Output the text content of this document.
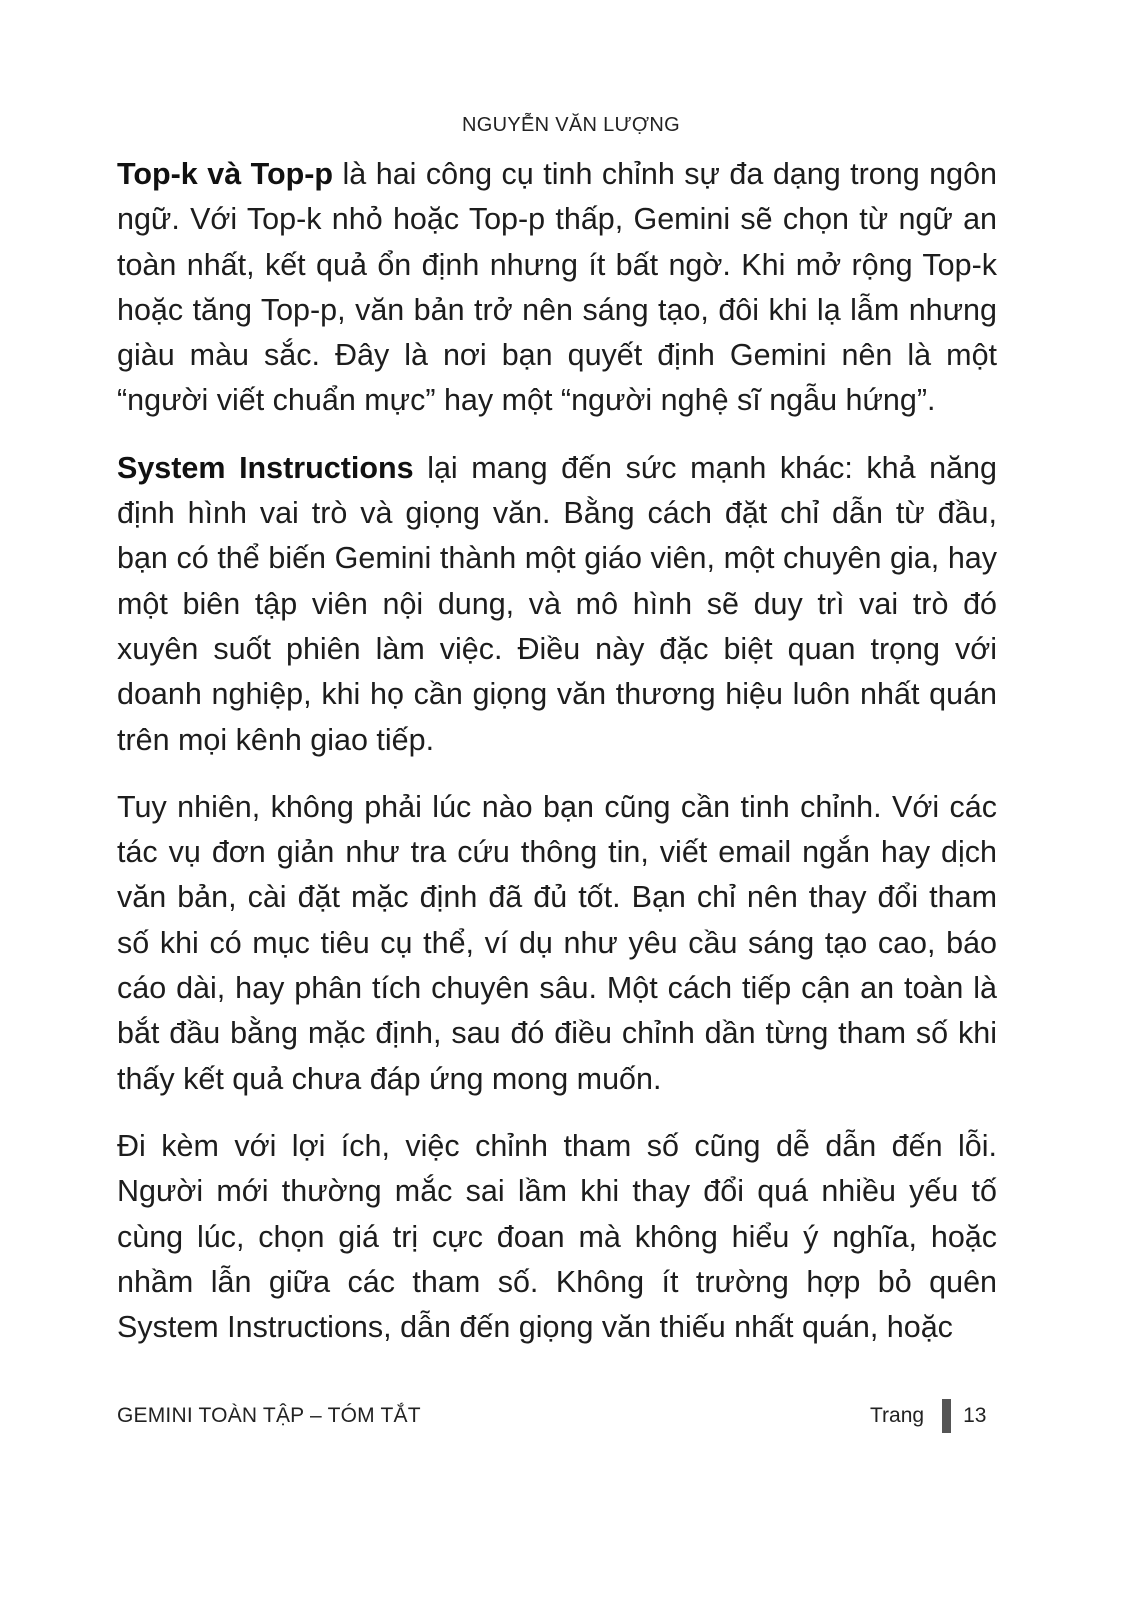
NGUYỄN VĂN LƯỢNG

Top-k và Top-p là hai công cụ tinh chỉnh sự đa dạng trong ngôn ngữ. Với Top-k nhỏ hoặc Top-p thấp, Gemini sẽ chọn từ ngữ an toàn nhất, kết quả ổn định nhưng ít bất ngờ. Khi mở rộng Top-k hoặc tăng Top-p, văn bản trở nên sáng tạo, đôi khi lạ lẫm nhưng giàu màu sắc. Đây là nơi bạn quyết định Gemini nên là một “người viết chuẩn mực” hay một “người nghệ sĩ ngẫu hứng”.

System Instructions lại mang đến sức mạnh khác: khả năng định hình vai trò và giọng văn. Bằng cách đặt chỉ dẫn từ đầu, bạn có thể biến Gemini thành một giáo viên, một chuyên gia, hay một biên tập viên nội dung, và mô hình sẽ duy trì vai trò đó xuyên suốt phiên làm việc. Điều này đặc biệt quan trọng với doanh nghiệp, khi họ cần giọng văn thương hiệu luôn nhất quán trên mọi kênh giao tiếp.

Tuy nhiên, không phải lúc nào bạn cũng cần tinh chỉnh. Với các tác vụ đơn giản như tra cứu thông tin, viết email ngắn hay dịch văn bản, cài đặt mặc định đã đủ tốt. Bạn chỉ nên thay đổi tham số khi có mục tiêu cụ thể, ví dụ như yêu cầu sáng tạo cao, báo cáo dài, hay phân tích chuyên sâu. Một cách tiếp cận an toàn là bắt đầu bằng mặc định, sau đó điều chỉnh dần từng tham số khi thấy kết quả chưa đáp ứng mong muốn.

Đi kèm với lợi ích, việc chỉnh tham số cũng dễ dẫn đến lỗi. Người mới thường mắc sai lầm khi thay đổi quá nhiều yếu tố cùng lúc, chọn giá trị cực đoan mà không hiểu ý nghĩa, hoặc nhầm lẫn giữa các tham số. Không ít trường hợp bỏ quên System Instructions, dẫn đến giọng văn thiếu nhất quán, hoặc

GEMINI TOÀN TẬP – TÓM TẮT	Trang 13
